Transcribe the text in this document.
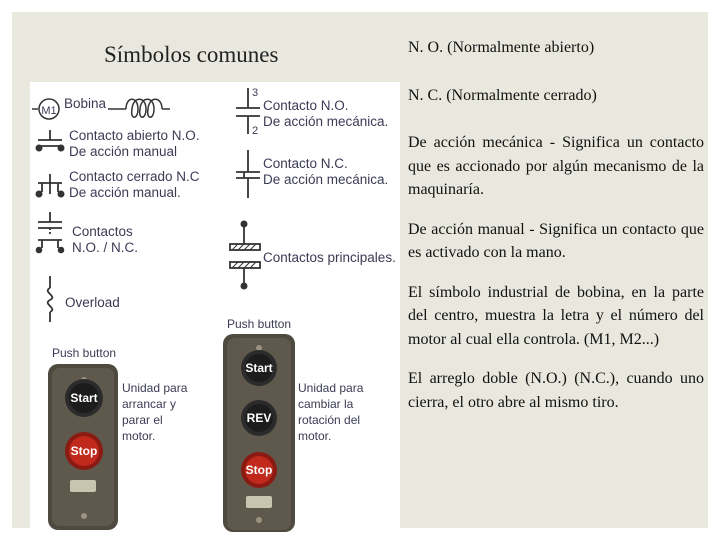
Símbolos comunes
M1 Bobina
Contacto abierto N.O.
De acción manual
Contacto cerrado N.C
De acción manual.
Contactos
N.O. / N.C.
Overload
3
2
Contacto N.O.
De acción mecánica.
Contacto N.C.
De acción mecánica.
Contactos principales.
Push button
Start
Stop
Unidad para
arrancar y
parar el
motor.
Push button
Start
REV
Stop
Unidad para
cambiar la
rotación del
motor.

N. O. (Normalmente abierto)

N. C. (Normalmente cerrado)

De acción mecánica - Significa un contacto que es accionado por algún mecanismo de la maquinaría.

De acción manual - Significa un contacto que es activado con la mano.

El símbolo industrial de bobina, en la parte del centro, muestra la letra y el número del motor al cual ella controla. (M1, M2...)

El arreglo doble (N.O.) (N.C.), cuando uno cierra, el otro abre al mismo tiro.
